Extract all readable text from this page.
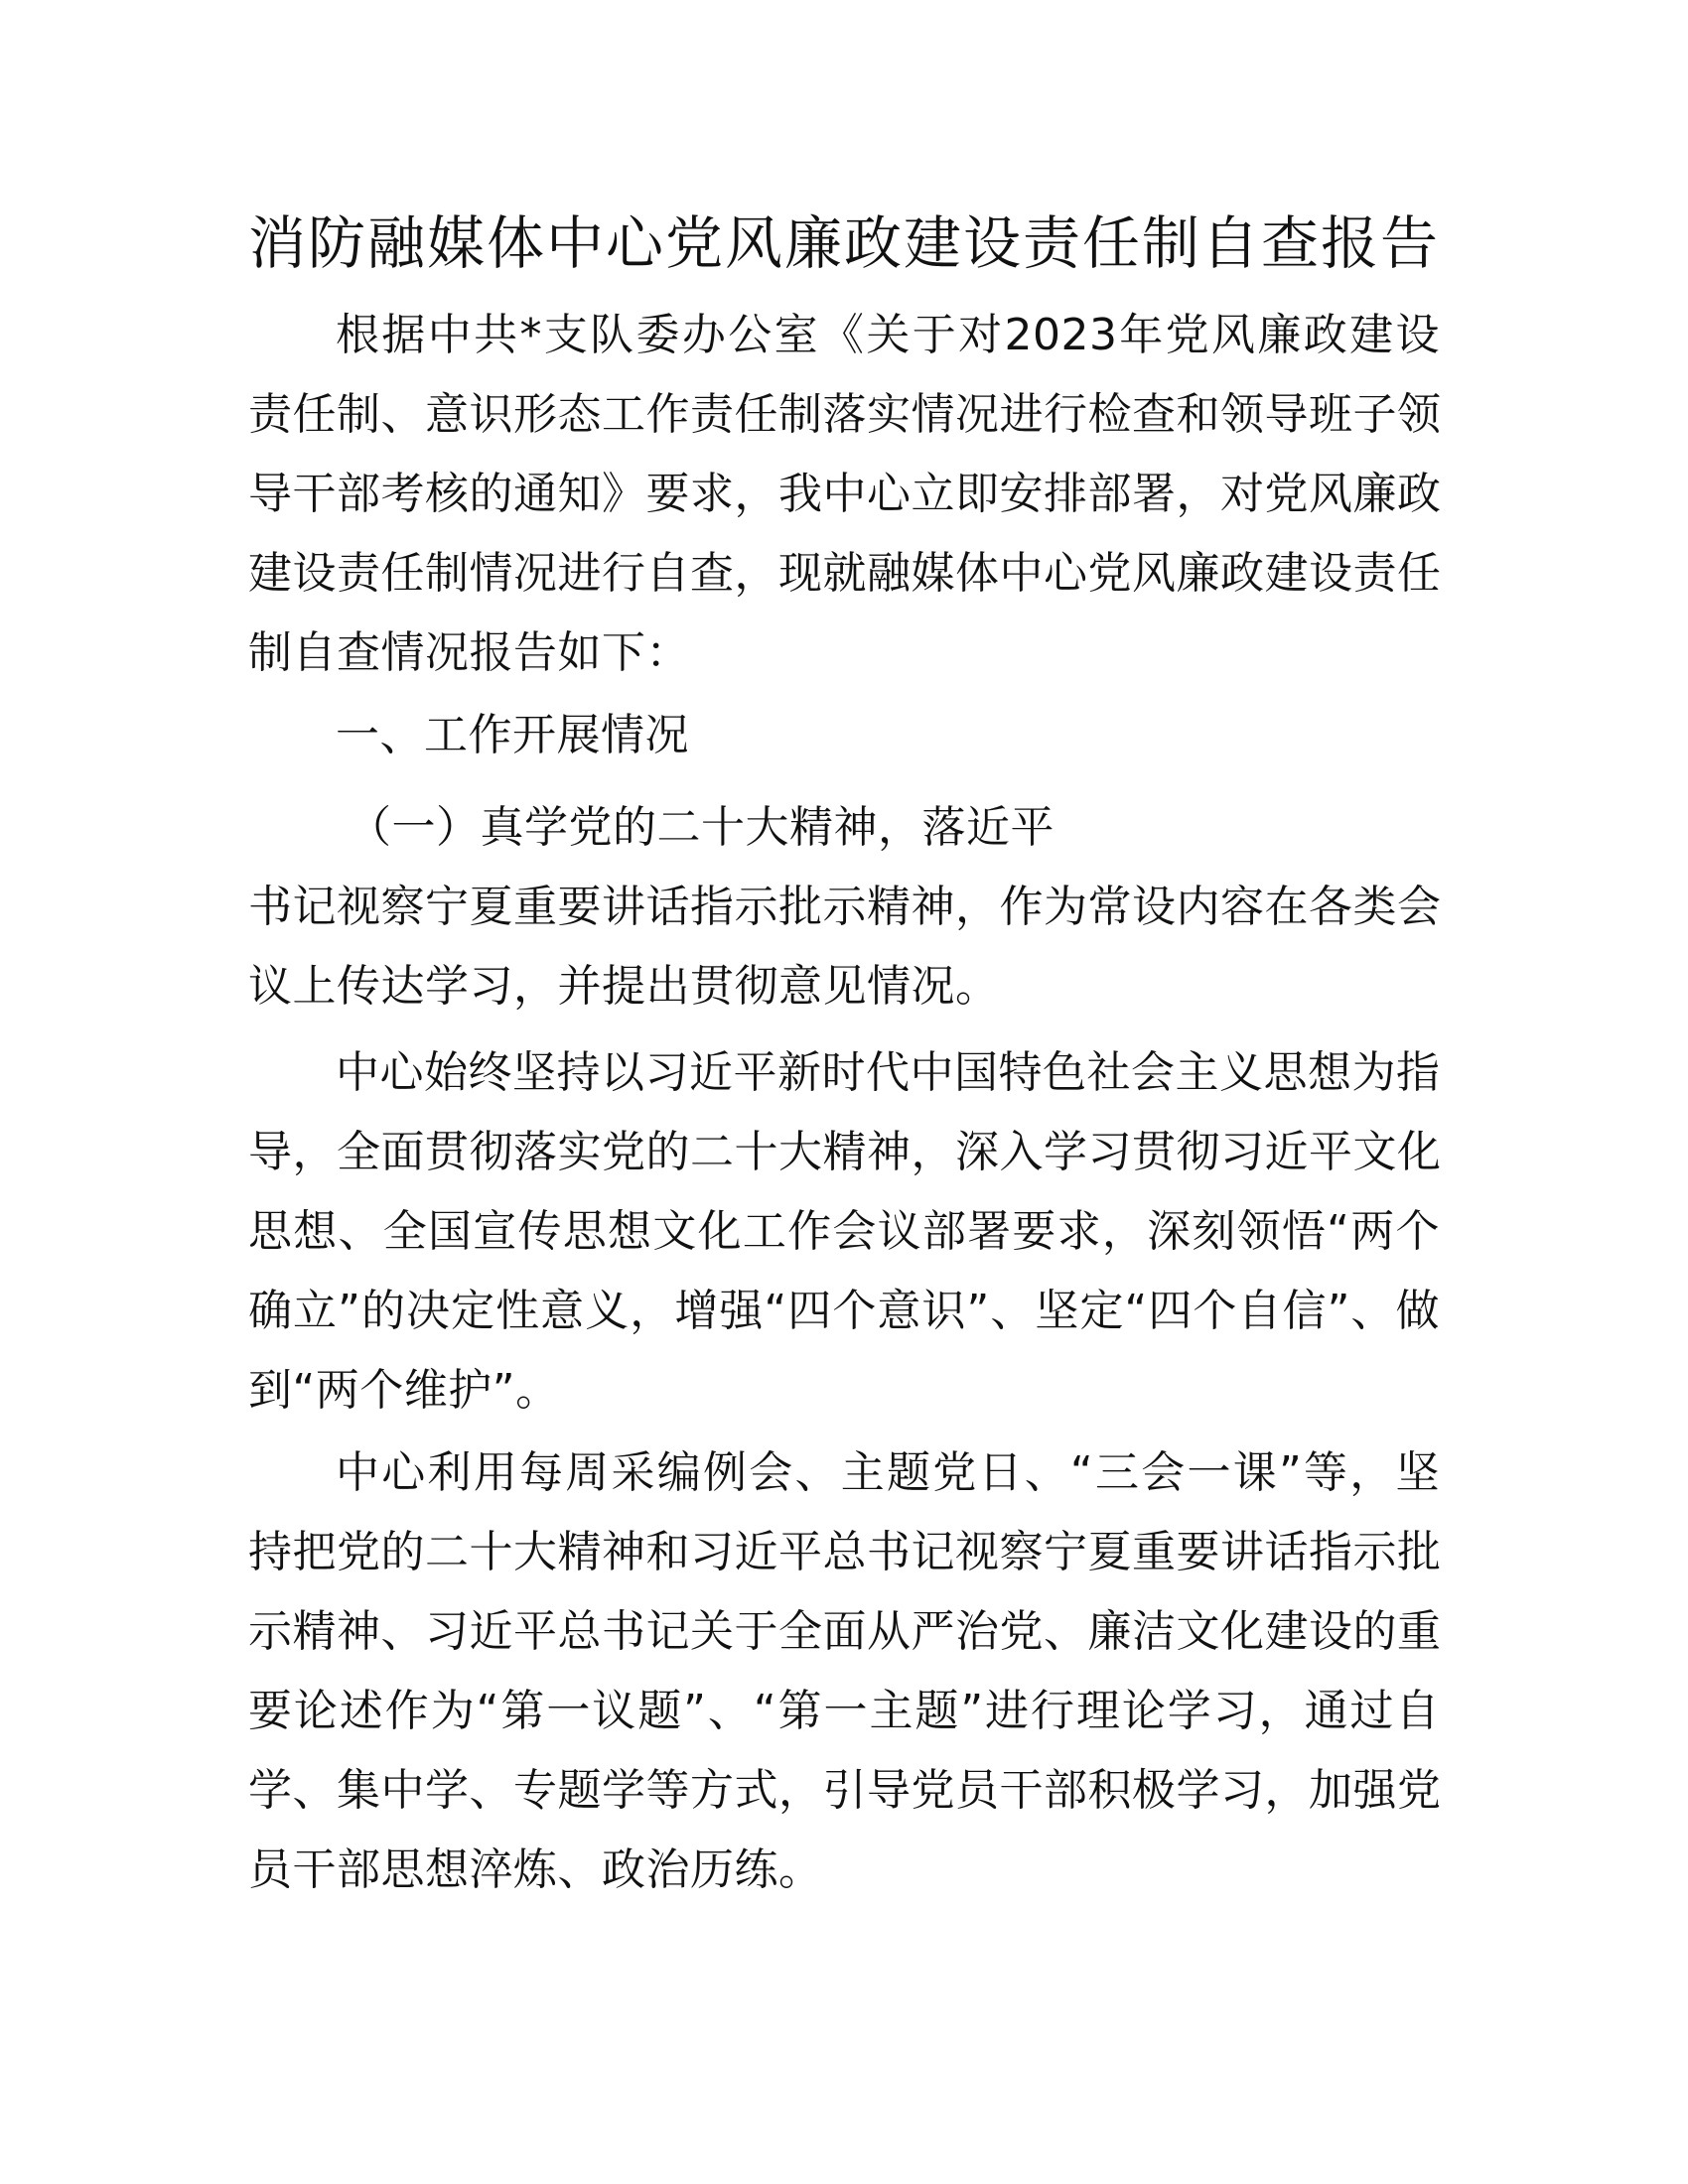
消防融媒体中心党风廉政建设责任制自查报告
根据中共*支队委办公室《关于对2023年党风廉政建设
责任制、意识形态工作责任制落实情况进行检查和领导班子领
导干部考核的通知》要求，我中心立即安排部署，对党风廉政
建设责任制情况进行自查，现就融媒体中心党风廉政建设责任
制自查情况报告如下：
一、工作开展情况
（一）真学党的二十大精神，落近平
书记视察宁夏重要讲话指示批示精神，作为常设内容在各类会
议上传达学习，并提出贯彻意见情况。
中心始终坚持以习近平新时代中国特色社会主义思想为指
导，全面贯彻落实党的二十大精神，深入学习贯彻习近平文化
思想、全国宣传思想文化工作会议部署要求，深刻领悟“两个
确立”的决定性意义，增强“四个意识”、坚定“四个自信”、做
到“两个维护”。
中心利用每周采编例会、主题党日、“三会一课”等，坚
持把党的二十大精神和习近平总书记视察宁夏重要讲话指示批
示精神、习近平总书记关于全面从严治党、廉洁文化建设的重
要论述作为“第一议题”、“第一主题”进行理论学习，通过自
学、集中学、专题学等方式，引导党员干部积极学习，加强党
员干部思想淬炼、政治历练。
